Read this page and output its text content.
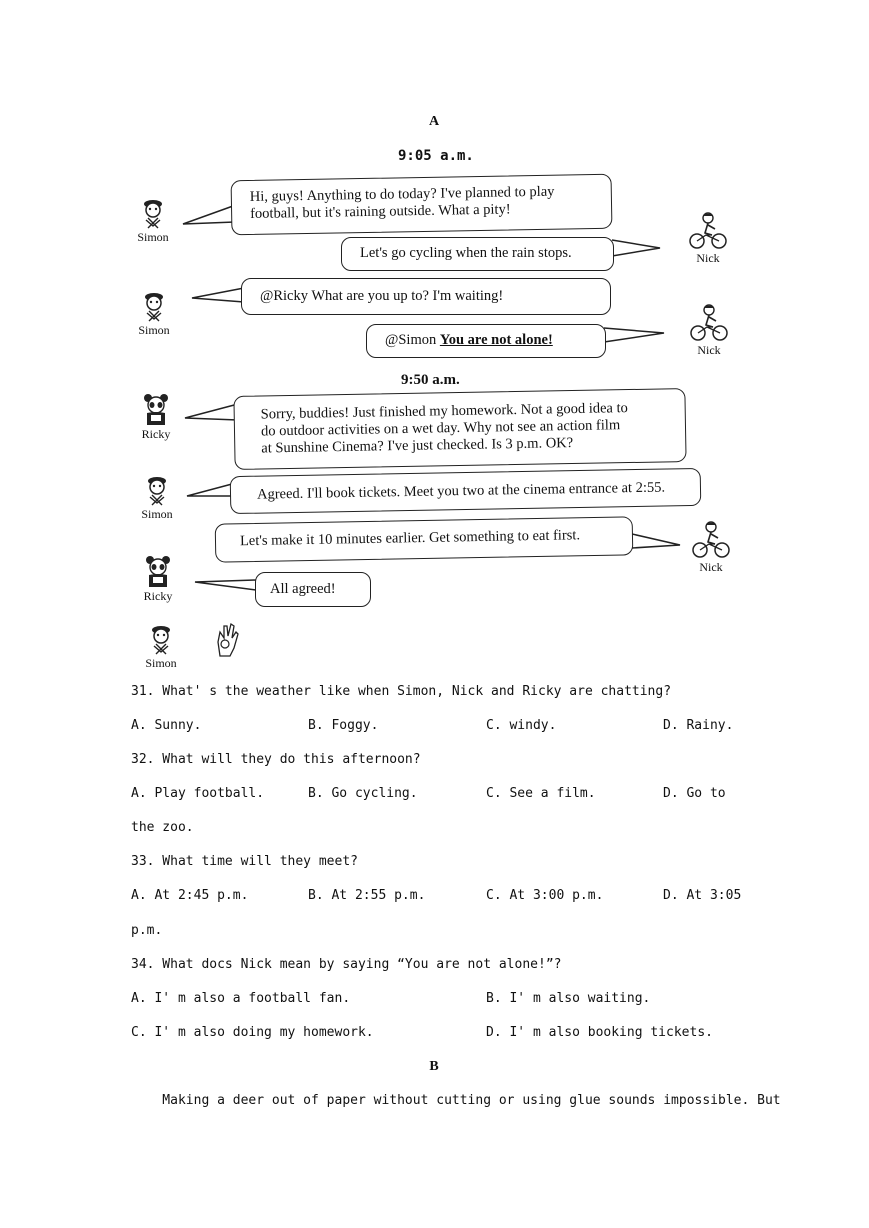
A
9:05 a.m.
Simon
Simon
Simon
Simon
Nick
Nick
Nick
Ricky
Ricky
Hi, guys! Anything to do today? I've planned to play
football, but it's raining outside. What a pity!
Let's go cycling when the rain stops.
@Ricky What are you up to? I'm waiting!
@Simon You are not alone!
9:50 a.m.
Sorry, buddies! Just finished my homework. Not a good idea to
do outdoor activities on a wet day. Why not see an action film
at Sunshine Cinema? I've just checked. Is 3 p.m. OK?
Agreed. I'll book tickets. Meet you two at the cinema entrance at 2:55.
Let's make it 10 minutes earlier. Get something to eat first.
All agreed!
31. What' s the weather like when Simon, Nick and Ricky are chatting?
A. Sunny.	B. Foggy.	C. windy.	D. Rainy.
32. What will they do this afternoon?
A. Play football.	B. Go cycling.	C. See a film.	D. Go to
the zoo.
33. What time will they meet?
A. At 2:45 p.m.	B. At 2:55 p.m.	C. At 3:00 p.m.	D. At 3:05
p.m.
34. What docs Nick mean by saying “You are not alone!”?
A. I' m also a football fan.	B. I' m also waiting.
C. I' m also doing my homework.	D. I' m also booking tickets.
B
Making a deer out of paper without cutting or using glue sounds impossible. But
